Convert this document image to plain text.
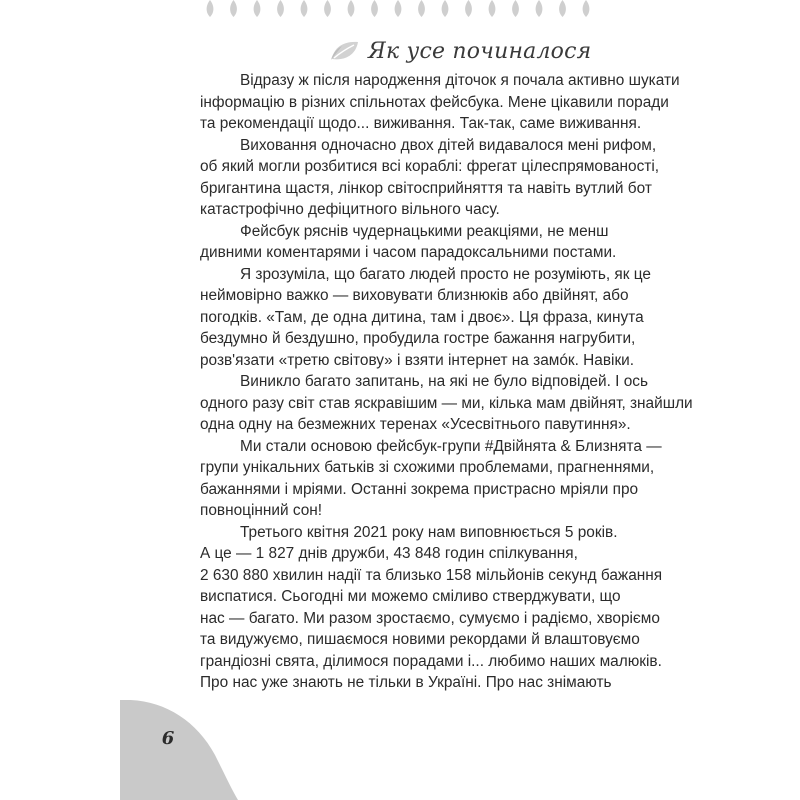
Як усе починалося

Відразу ж після народження діточок я почала активно шукати
інформацію в різних спільнотах фейсбука. Мене цікавили поради
та рекомендації щодо... виживання. Так-так, саме виживання.

Виховання одночасно двох дітей видавалося мені рифом,
об який могли розбитися всі кораблі: фрегат цілеспрямованості,
бригантина щастя, лінкор світосприйняття та навіть вутлий бот
катастрофічно дефіцитного вільного часу.

Фейсбук ряснів чудернацькими реакціями, не менш
дивними коментарями і часом парадоксальними постами.

Я зрозуміла, що багато людей просто не розуміють, як це
неймовірно важко — виховувати близнюків або двійнят, або
погодків. «Там, де одна дитина, там і двоє». Ця фраза, кинута
бездумно й бездушно, пробудила гостре бажання нагрубити,
розв'язати «третю світову» і взяти інтернет на замóк. Навіки.

Виникло багато запитань, на які не було відповідей. І ось
одного разу світ став яскравішим — ми, кілька мам двійнят, знайшли
одна одну на безмежних теренах «Усесвітнього павутиння».

Ми стали основою фейсбук-групи #Двійнята & Близнята —
групи унікальних батьків зі схожими проблемами, прагненнями,
бажаннями і мріями. Останні зокрема пристрасно мріяли про
повноцінний сон!

Третього квітня 2021 року нам виповнюється 5 років.
А це — 1 827 днів дружби, 43 848 годин спілкування,
2 630 880 хвилин надії та близько 158 мільйонів секунд бажання
виспатися. Сьогодні ми можемо сміливо стверджувати, що
нас — багато. Ми разом зростаємо, сумуємо і радіємо, хворіємо
та видужуємо, пишаємося новими рекордами й влаштовуємо
грандіозні свята, ділимося порадами і... любимо наших малюків.
Про нас уже знають не тільки в Україні. Про нас знімають

6
